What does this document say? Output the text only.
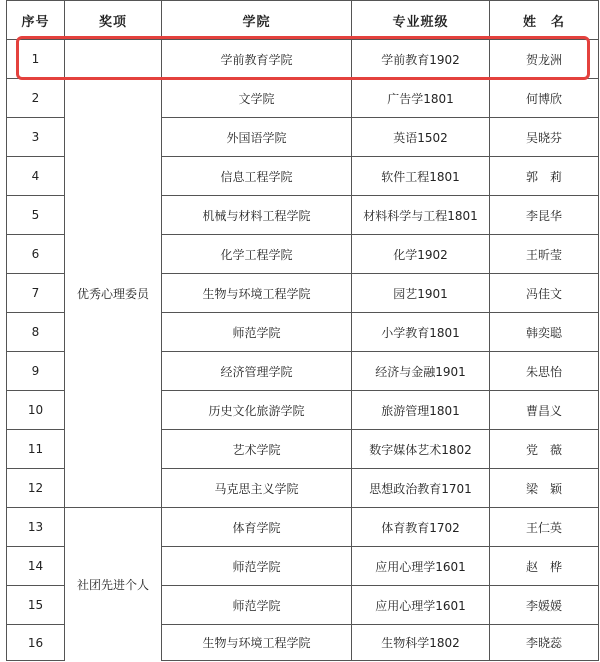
序号	奖项	学院	专业班级	姓　名
1		学前教育学院	学前教育1902	贺龙洲
2	优秀心理委员	文学院	广告学1801	何博欣
3		外国语学院	英语1502	吴晓芬
4		信息工程学院	软件工程1801	郭　莉
5		机械与材料工程学院	材料科学与工程1801	李昆华
6		化学工程学院	化学1902	王昕莹
7		生物与环境工程学院	园艺1901	冯佳文
8		师范学院	小学教育1801	韩奕聪
9		经济管理学院	经济与金融1901	朱思怡
10		历史文化旅游学院	旅游管理1801	曹昌义
11		艺术学院	数字媒体艺术1802	党　薇
12		马克思主义学院	思想政治教育1701	梁　颖
13	社团先进个人	体育学院	体育教育1702	王仁英
14		师范学院	应用心理学1601	赵　桦
15		师范学院	应用心理学1601	李媛媛
16		生物与环境工程学院	生物科学1802	李晓蕊
